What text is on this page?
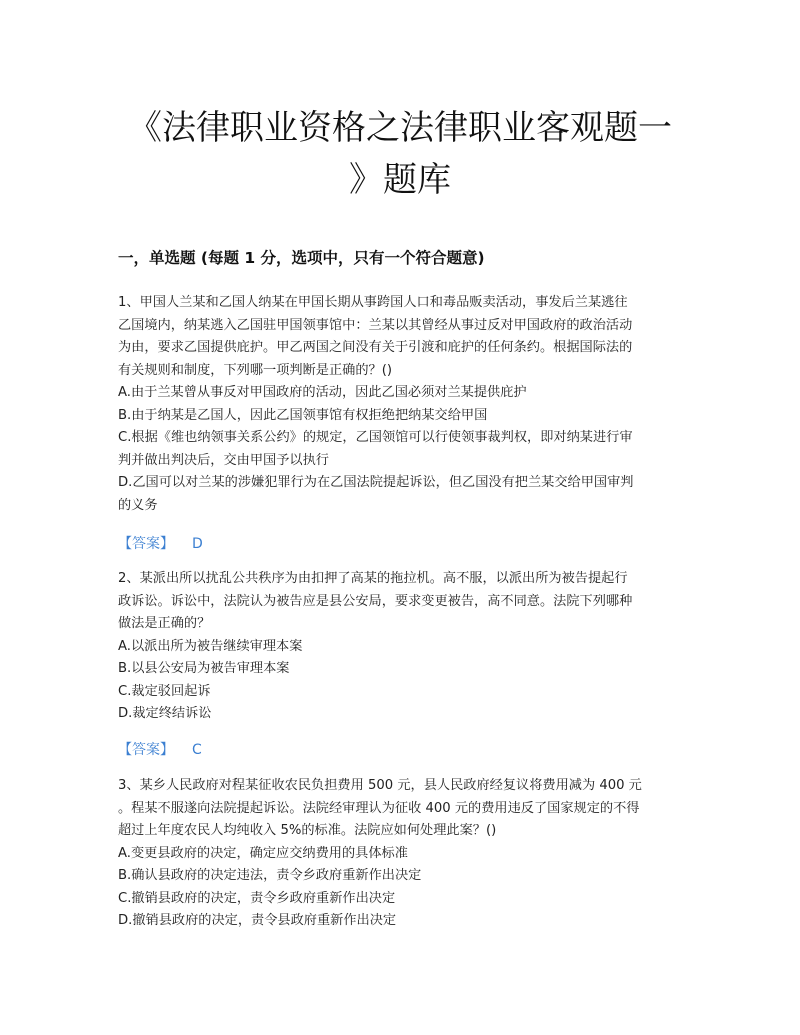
《法律职业资格之法律职业客观题一
》题库
一，单选题 (每题 1 分，选项中，只有一个符合题意)
1、甲国人兰某和乙国人纳某在甲国长期从事跨国人口和毒品贩卖活动，事发后兰某逃往
乙国境内，纳某逃入乙国驻甲国领事馆中：兰某以其曾经从事过反对甲国政府的政治活动
为由，要求乙国提供庇护。甲乙两国之间没有关于引渡和庇护的任何条约。根据国际法的
有关规则和制度，下列哪一项判断是正确的？()
A.由于兰某曾从事反对甲国政府的活动，因此乙国必须对兰某提供庇护
B.由于纳某是乙国人，因此乙国领事馆有权拒绝把纳某交给甲国
C.根据《维也纳领事关系公约》的规定，乙国领馆可以行使领事裁判权，即对纳某进行审
判并做出判决后，交由甲国予以执行
D.乙国可以对兰某的涉嫌犯罪行为在乙国法院提起诉讼，但乙国没有把兰某交给甲国审判
的义务
【答案】 D
2、某派出所以扰乱公共秩序为由扣押了高某的拖拉机。高不服，以派出所为被告提起行
政诉讼。诉讼中，法院认为被告应是县公安局，要求变更被告，高不同意。法院下列哪种
做法是正确的？
A.以派出所为被告继续审理本案
B.以县公安局为被告审理本案
C.裁定驳回起诉
D.裁定终结诉讼
【答案】 C
3、某乡人民政府对程某征收农民负担费用 500 元，县人民政府经复议将费用减为 400 元
。程某不服遂向法院提起诉讼。法院经审理认为征收 400 元的费用违反了国家规定的不得
超过上年度农民人均纯收入 5%的标准。法院应如何处理此案？()
A.变更县政府的决定，确定应交纳费用的具体标准
B.确认县政府的决定违法，责令乡政府重新作出决定
C.撤销县政府的决定，责令乡政府重新作出决定
D.撤销县政府的决定，责令县政府重新作出决定
